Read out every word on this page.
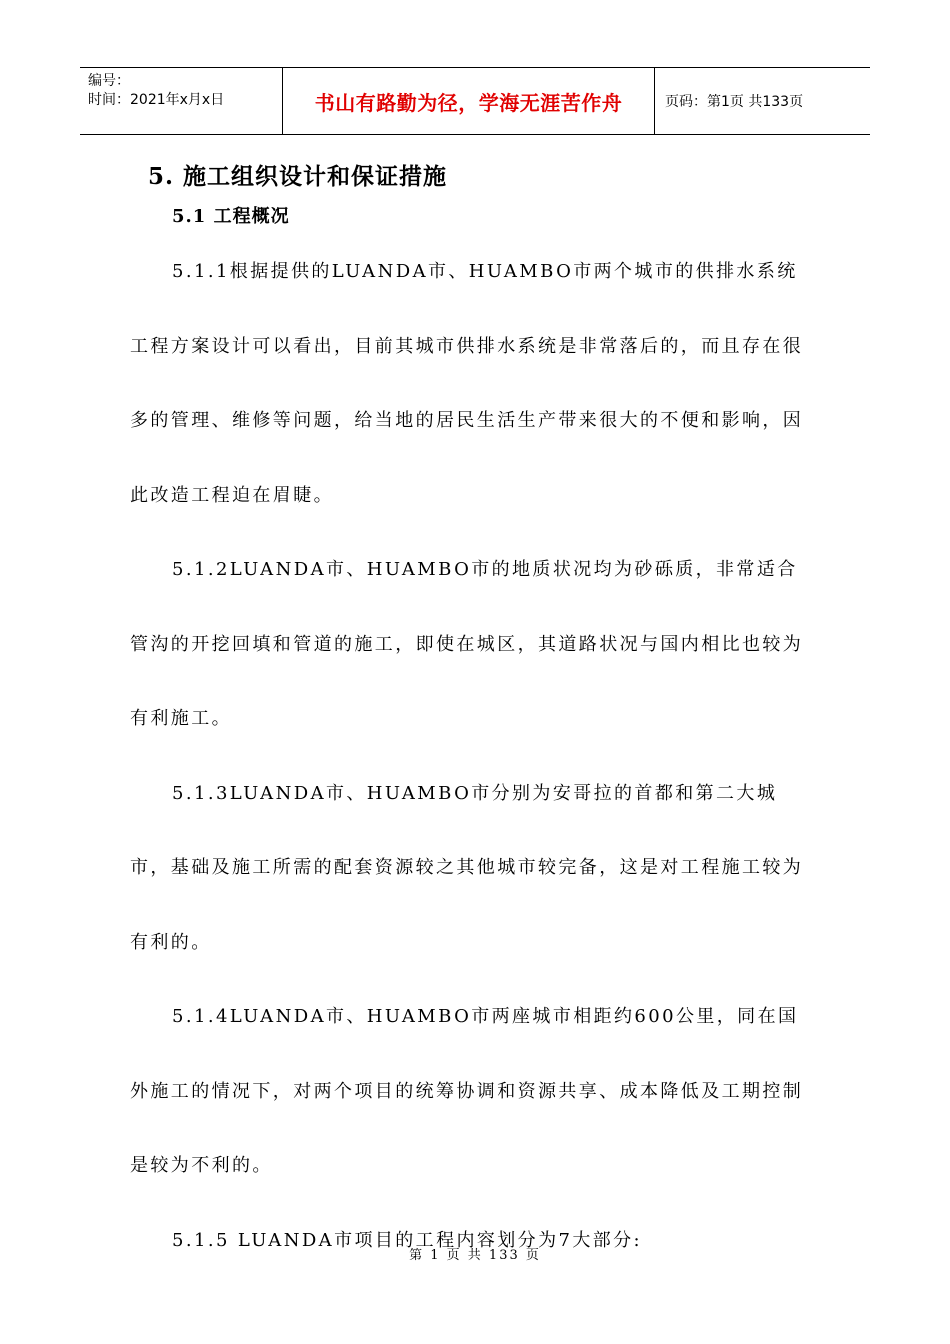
编号：
时间：2021年x月x日	书山有路勤为径，学海无涯苦作舟	页码：第1页 共133页
5. 施工组织设计和保证措施
5.1 工程概况

5.1.1根据提供的LUANDA市、HUAMBO市两个城市的供排水系统工程方案设计可以看出，目前其城市供排水系统是非常落后的，而且存在很多的管理、维修等问题，给当地的居民生活生产带来很大的不便和影响，因此改造工程迫在眉睫。

5.1.2LUANDA市、HUAMBO市的地质状况均为砂砾质，非常适合管沟的开挖回填和管道的施工，即使在城区，其道路状况与国内相比也较为有利施工。

5.1.3LUANDA市、HUAMBO市分别为安哥拉的首都和第二大城市，基础及施工所需的配套资源较之其他城市较完备，这是对工程施工较为有利的。

5.1.4LUANDA市、HUAMBO市两座城市相距约600公里，同在国外施工的情况下，对两个项目的统筹协调和资源共享、成本降低及工期控制是较为不利的。

5.1.5 LUANDA市项目的工程内容划分为7大部分:

第 1 页 共 133 页
